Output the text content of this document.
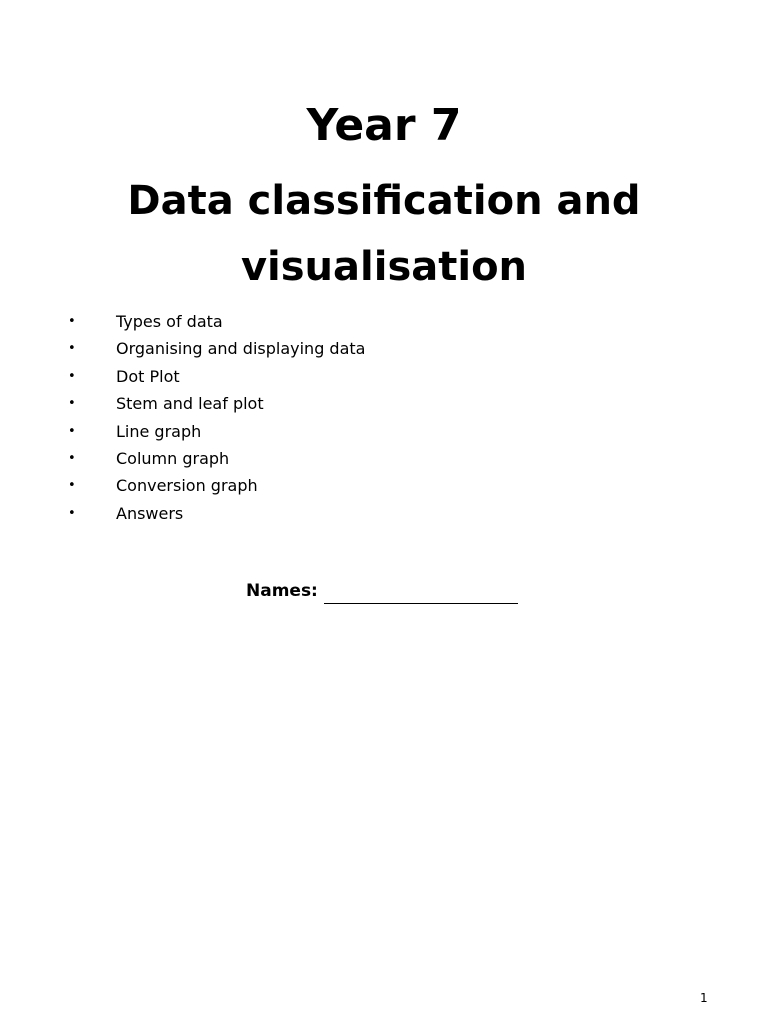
Year 7
Data classification and visualisation
•	Types of data
•	Organising and displaying data
•	Dot Plot
•	Stem and leaf plot
•	Line graph
•	Column graph
•	Conversion graph
•	Answers
Names:
1
